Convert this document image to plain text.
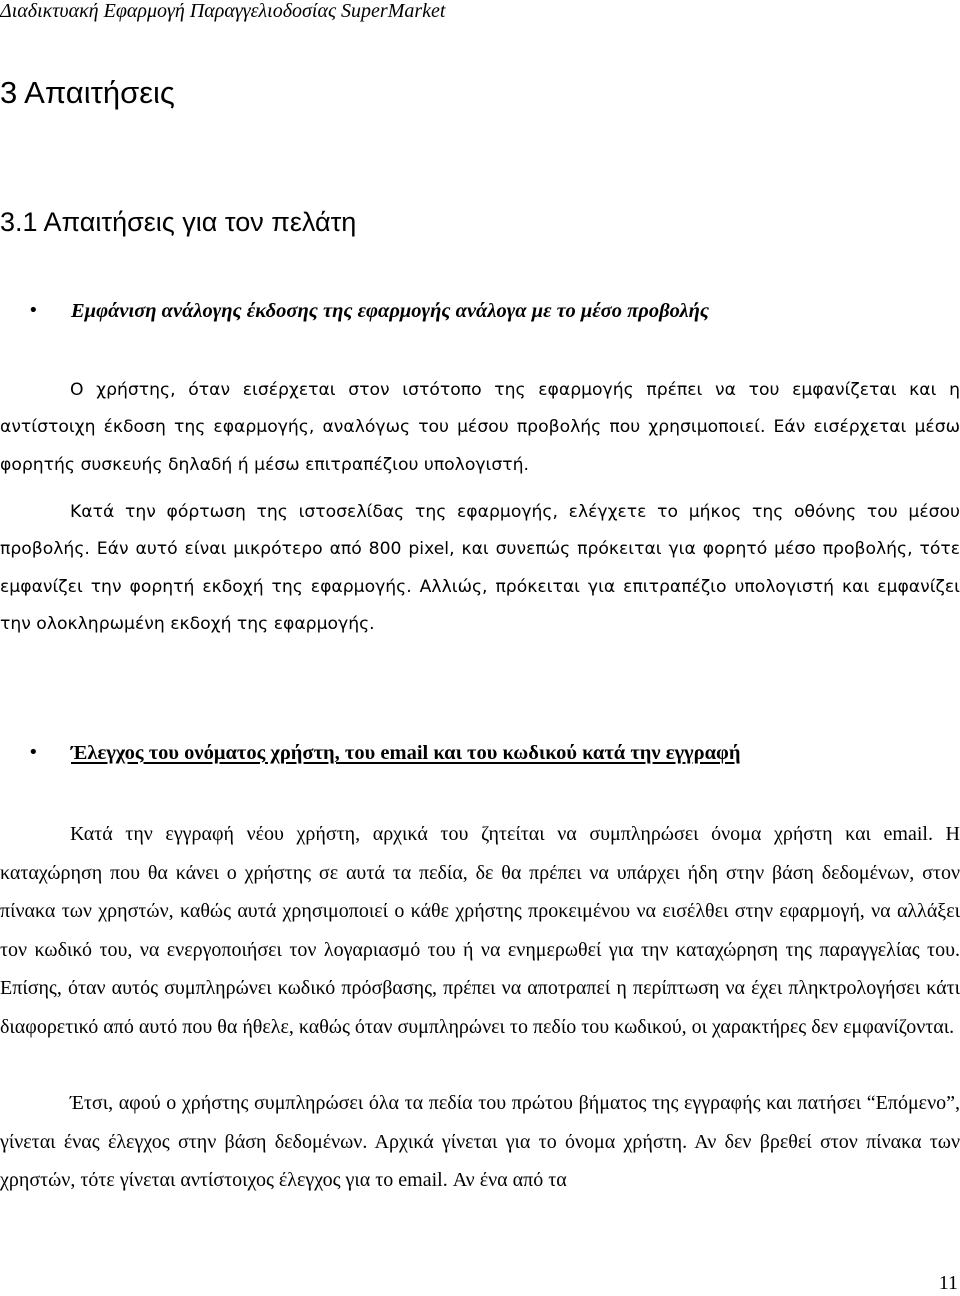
Διαδικτυακή Εφαρμογή Παραγγελιοδοσίας SuperMarket
3 Απαιτήσεις
3.1 Απαιτήσεις για τον πελάτη
• Εμφάνιση ανάλογης έκδοσης της εφαρμογής ανάλογα με το μέσο προβολής
Ο χρήστης, όταν εισέρχεται στον ιστότοπο της εφαρμογής πρέπει να του εμφανίζεται και η αντίστοιχη έκδοση της εφαρμογής, αναλόγως του μέσου προβολής που χρησιμοποιεί. Εάν εισέρχεται μέσω φορητής συσκευής δηλαδή ή μέσω επιτραπέζιου υπολογιστή.
Κατά την φόρτωση της ιστοσελίδας της εφαρμογής, ελέγχετε το μήκος της οθόνης του μέσου προβολής. Εάν αυτό είναι μικρότερο από 800 pixel, και συνεπώς πρόκειται για φορητό μέσο προβολής, τότε εμφανίζει την φορητή εκδοχή της εφαρμογής. Αλλιώς, πρόκειται για επιτραπέζιο υπολογιστή και εμφανίζει την ολοκληρωμένη εκδοχή της εφαρμογής.
• Έλεγχος του ονόματος χρήστη, του email και του κωδικού κατά την εγγραφή
Κατά την εγγραφή νέου χρήστη, αρχικά του ζητείται να συμπληρώσει όνομα χρήστη και email. Η καταχώρηση που θα κάνει ο χρήστης σε αυτά τα πεδία, δε θα πρέπει να υπάρχει ήδη στην βάση δεδομένων, στον πίνακα των χρηστών, καθώς αυτά χρησιμοποιεί ο κάθε χρήστης προκειμένου να εισέλθει στην εφαρμογή, να αλλάξει τον κωδικό του, να ενεργοποιήσει τον λογαριασμό του ή να ενημερωθεί για την καταχώρηση της παραγγελίας του. Επίσης, όταν αυτός συμπληρώνει κωδικό πρόσβασης, πρέπει να αποτραπεί η περίπτωση να έχει πληκτρολογήσει κάτι διαφορετικό από αυτό που θα ήθελε, καθώς όταν συμπληρώνει το πεδίο του κωδικού, οι χαρακτήρες δεν εμφανίζονται.
Έτσι, αφού ο χρήστης συμπληρώσει όλα τα πεδία του πρώτου βήματος της εγγραφής και πατήσει “Επόμενο”, γίνεται ένας έλεγχος στην βάση δεδομένων. Αρχικά γίνεται για το όνομα χρήστη. Αν δεν βρεθεί στον πίνακα των χρηστών, τότε γίνεται αντίστοιχος έλεγχος για το email. Αν ένα από τα
11
